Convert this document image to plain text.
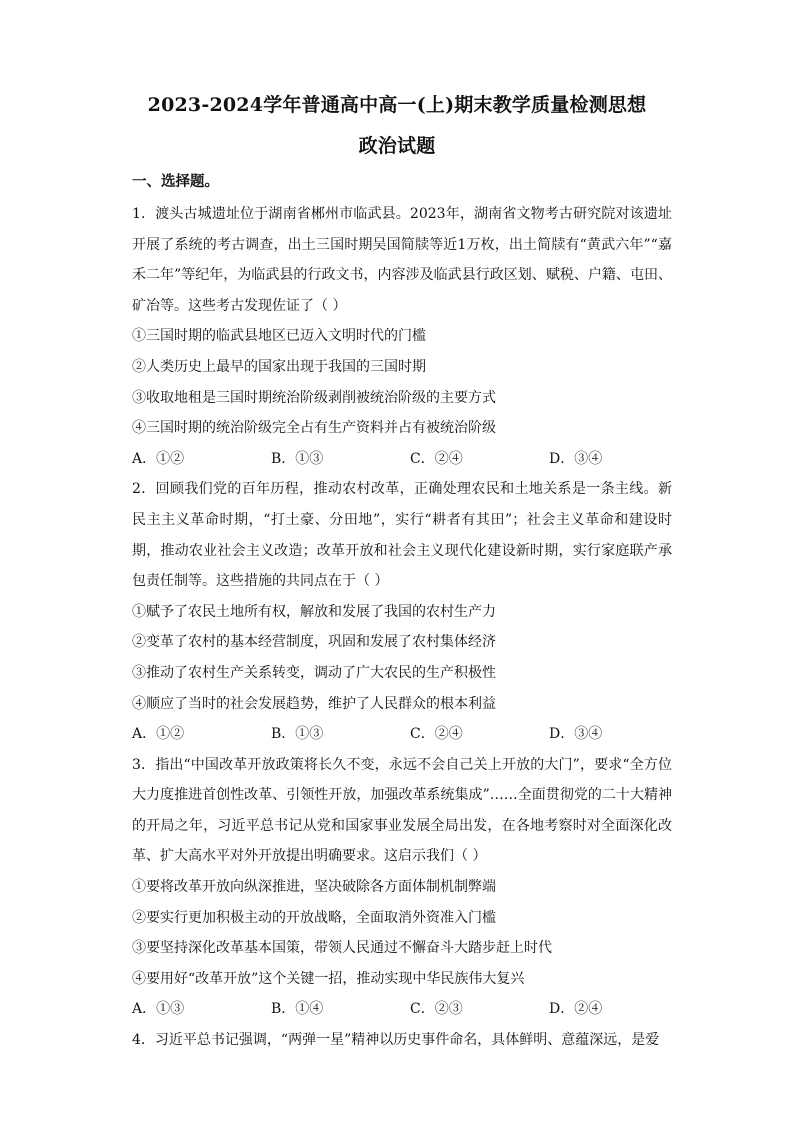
2023-2024学年普通高中高一(上)期末教学质量检测思想
政治试题
一、选择题。
1．渡头古城遗址位于湖南省郴州市临武县。2023年，湖南省文物考古研究院对该遗址开展了系统的考古调查，出土三国时期吴国简牍等近1万枚，出土简牍有“黄武六年”“嘉禾二年”等纪年，为临武县的行政文书，内容涉及临武县行政区划、赋税、户籍、屯田、矿冶等。这些考古发现佐证了（ ）
①三国时期的临武县地区已迈入文明时代的门槛
②人类历史上最早的国家出现于我国的三国时期
③收取地租是三国时期统治阶级剥削被统治阶级的主要方式
④三国时期的统治阶级完全占有生产资料并占有被统治阶级
A．①②	B．①③	C．②④	D．③④
2．回顾我们党的百年历程，推动农村改革，正确处理农民和土地关系是一条主线。新民主主义革命时期，“打土豪、分田地”，实行“耕者有其田”；社会主义革命和建设时期，推动农业社会主义改造；改革开放和社会主义现代化建设新时期，实行家庭联产承包责任制等。这些措施的共同点在于（ ）
①赋予了农民土地所有权，解放和发展了我国的农村生产力
②变革了农村的基本经营制度，巩固和发展了农村集体经济
③推动了农村生产关系转变，调动了广大农民的生产积极性
④顺应了当时的社会发展趋势，维护了人民群众的根本利益
A．①②	B．①③	C．②④	D．③④
3．指出“中国改革开放政策将长久不变，永远不会自己关上开放的大门”，要求“全方位大力度推进首创性改革、引领性开放，加强改革系统集成”……全面贯彻党的二十大精神的开局之年，习近平总书记从党和国家事业发展全局出发，在各地考察时对全面深化改革、扩大高水平对外开放提出明确要求。这启示我们（ ）
①要将改革开放向纵深推进，坚决破除各方面体制机制弊端
②要实行更加积极主动的开放战略，全面取消外资准入门槛
③要坚持深化改革基本国策，带领人民通过不懈奋斗大踏步赶上时代
④要用好“改革开放”这个关键一招，推动实现中华民族伟大复兴
A．①③	B．①④	C．②③	D．②④
4．习近平总书记强调，“两弹一星”精神以历史事件命名，具体鲜明、意蕴深远，是爱
